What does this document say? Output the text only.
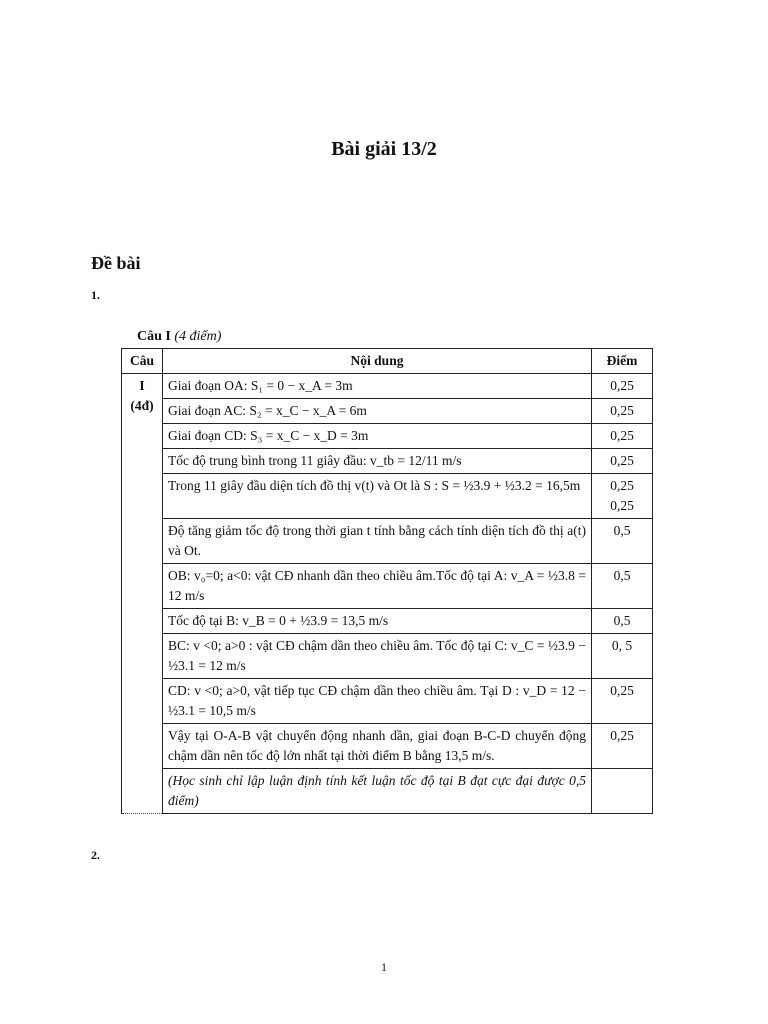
Bài giải 13/2
Đề bài
1.
Câu I (4 điểm)
Câu	Nội dung	Điểm

I
(4đ)	Giai đoạn OA: S₁ = 0 − x_A = 3m	0,25
	Giai đoạn AC: S₂ = x_C − x_A = 6m	0,25
	Giai đoạn CD: S₃ = x_C − x_D = 3m	0,25
	Tốc độ trung bình trong 11 giây đầu: v_tb = 12/11 m/s	0,25
	Trong 11 giây đầu diện tích đồ thị v(t) và Ot là S : S = ½3.9 + ½3.2 = 16,5m	0,25
0,25
	Độ tăng giảm tốc độ trong thời gian t tính bằng cách tính diện tích đồ thị a(t) và Ot.	0,5
	OB: v₀=0; a<0: vật CĐ nhanh dần theo chiều âm.Tốc độ tại A: v_A = ½3.8 = 12 m/s	0,5
	Tốc độ tại B: v_B = 0 + ½3.9 = 13,5 m/s	0,5
	BC: v <0; a>0 : vật CĐ chậm dần theo chiều âm. Tốc độ tại C: v_C = ½3.9 − ½3.1 = 12 m/s	0, 5
	CD: v <0; a>0, vật tiếp tục CĐ chậm dần theo chiều âm. Tại D : v_D = 12 − ½3.1 = 10,5 m/s	0,25
	Vậy tại O-A-B vật chuyển động nhanh dần, giai đoạn B-C-D chuyển động chậm dần nên tốc độ lớn nhất tại thời điểm B bằng 13,5 m/s.	0,25
	(Học sinh chỉ lập luận định tính kết luận tốc độ tại B đạt cực đại được 0,5 điểm)	
2.
1
